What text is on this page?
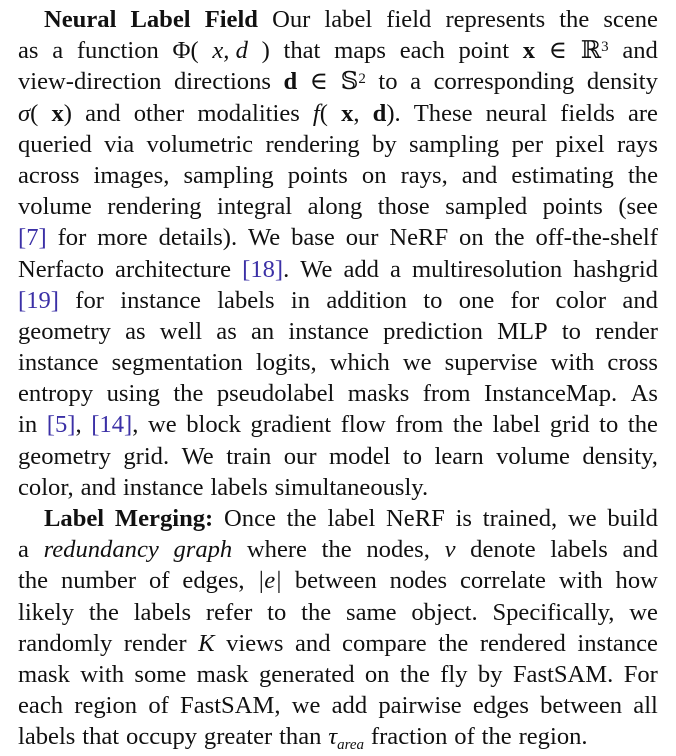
Neural Label Field Our label field represents the scene
as a function Φ( x, d ) that maps each point x ∈ ℝ$^3$ and
view-direction directions d ∈ 𝕊$^2$ to a corresponding density
σ( x) and other modalities f( x, d). These neural fields are
queried via volumetric rendering by sampling per pixel rays
across images, sampling points on rays, and estimating the
volume rendering integral along those sampled points (see
[7] for more details). We base our NeRF on the off-the-shelf
Nerfacto architecture [18]. We add a multiresolution hashgrid
[19] for instance labels in addition to one for color and
geometry as well as an instance prediction MLP to render
instance segmentation logits, which we supervise with cross
entropy using the pseudolabel masks from InstanceMap. As
in [5], [14], we block gradient flow from the label grid to the
geometry grid. We train our model to learn volume density,
color, and instance labels simultaneously.
Label Merging: Once the label NeRF is trained, we build
a redundancy graph where the nodes, v denote labels and
the number of edges, |e| between nodes correlate with how
likely the labels refer to the same object. Specifically, we
randomly render K views and compare the rendered instance
mask with some mask generated on the fly by FastSAM. For
each region of FastSAM, we add pairwise edges between all
labels that occupy greater than $\tau_{area}$ fraction of the region.
